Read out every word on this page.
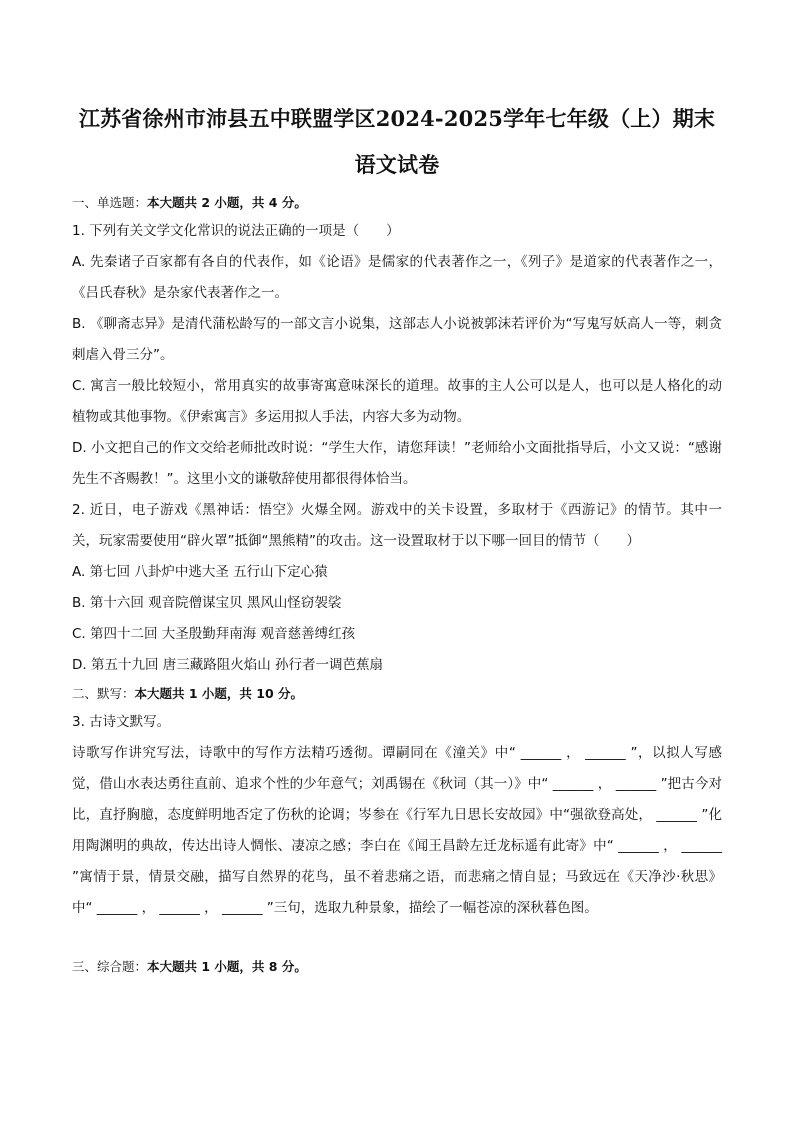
江苏省徐州市沛县五中联盟学区2024-2025学年七年级（上）期末语文试卷

一、单选题：本大题共 2 小题，共 4 分。

1. 下列有关文学文化常识的说法正确的一项是（　　）

A. 先秦诸子百家都有各自的代表作，如《论语》是儒家的代表著作之一，《列子》是道家的代表著作之一，《吕氏春秋》是杂家代表著作之一。

B. 《聊斋志异》是清代蒲松龄写的一部文言小说集，这部志人小说被郭沫若评价为“写鬼写妖高人一等，刺贪刺虐入骨三分”。

C. 寓言一般比较短小，常用真实的故事寄寓意味深长的道理。故事的主人公可以是人，也可以是人格化的动植物或其他事物。《伊索寓言》多运用拟人手法，内容大多为动物。

D. 小文把自己的作文交给老师批改时说：“学生大作，请您拜读！”老师给小文面批指导后，小文又说：“感谢先生不吝赐教！”。这里小文的谦敬辞使用都很得体恰当。

2. 近日，电子游戏《黑神话：悟空》火爆全网。游戏中的关卡设置，多取材于《西游记》的情节。其中一关，玩家需要使用“辟火罩”抵御“黑熊精”的攻击。这一设置取材于以下哪一回目的情节（　　）

A. 第七回 八卦炉中逃大圣 五行山下定心猿

B. 第十六回 观音院僧谋宝贝 黑风山怪窃袈裟

C. 第四十二回 大圣殷勤拜南海 观音慈善缚红孩

D. 第五十九回 唐三藏路阻火焰山 孙行者一调芭蕉扇

二、默写：本大题共 1 小题，共 10 分。

3. 古诗文默写。

诗歌写作讲究写法，诗歌中的写作方法精巧透彻。谭嗣同在《潼关》中“ ______ ， ______ ”，以拟人写感觉，借山水表达勇往直前、追求个性的少年意气；刘禹锡在《秋词（其一）》中“ ______ ， ______ ”把古今对比，直抒胸臆，态度鲜明地否定了伤秋的论调；岑参在《行军九日思长安故园》中“强欲登高处， ______ ”化用陶渊明的典故，传达出诗人惆怅、凄凉之感；李白在《闻王昌龄左迁龙标遥有此寄》中“ ______ ， ______ ”寓情于景，情景交融，描写自然界的花鸟，虽不着悲痛之语，而悲痛之情自显；马致远在《天净沙·秋思》中“ ______ ， ______ ， ______ ”三句，选取九种景象，描绘了一幅苍凉的深秋暮色图。

三、综合题：本大题共 1 小题，共 8 分。
